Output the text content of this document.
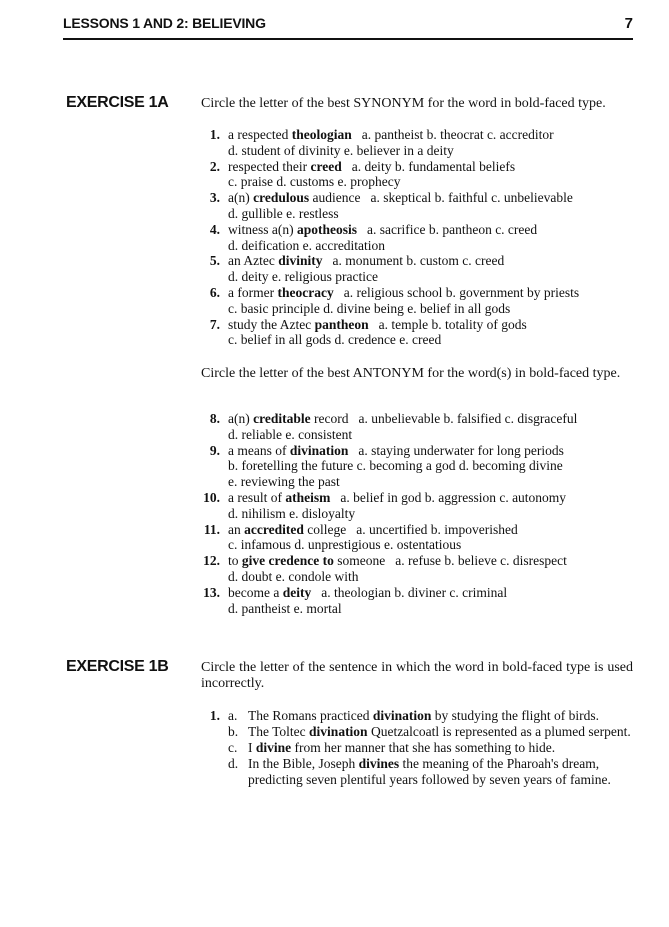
LESSONS 1 AND 2: BELIEVING	7
EXERCISE 1A Circle the letter of the best SYNONYM for the word in bold-faced type.
1. a respected theologian a. pantheist b. theocrat c. accreditor
d. student of divinity e. believer in a deity
2. respected their creed a. deity b. fundamental beliefs
c. praise d. customs e. prophecy
3. a(n) credulous audience a. skeptical b. faithful c. unbelievable
d. gullible e. restless
4. witness a(n) apotheosis a. sacrifice b. pantheon c. creed
d. deification e. accreditation
5. an Aztec divinity a. monument b. custom c. creed
d. deity e. religious practice
6. a former theocracy a. religious school b. government by priests
c. basic principle d. divine being e. belief in all gods
7. study the Aztec pantheon a. temple b. totality of gods
c. belief in all gods d. credence e. creed
Circle the letter of the best ANTONYM for the word(s) in bold-faced type.
8. a(n) creditable record a. unbelievable b. falsified c. disgraceful
d. reliable e. consistent
9. a means of divination a. staying underwater for long periods
b. foretelling the future c. becoming a god d. becoming divine
e. reviewing the past
10. a result of atheism a. belief in god b. aggression c. autonomy
d. nihilism e. disloyalty
11. an accredited college a. uncertified b. impoverished
c. infamous d. unprestigious e. ostentatious
12. to give credence to someone a. refuse b. believe c. disrespect
d. doubt e. condole with
13. become a deity a. theologian b. diviner c. criminal
d. pantheist e. mortal
EXERCISE 1B Circle the letter of the sentence in which the word in bold-faced type is used incorrectly.
1. a. The Romans practiced divination by studying the flight of birds.
b. The Toltec divination Quetzalcoatl is represented as a plumed serpent.
c. I divine from her manner that she has something to hide.
d. In the Bible, Joseph divines the meaning of the Pharoah's dream, predicting seven plentiful years followed by seven years of famine.
